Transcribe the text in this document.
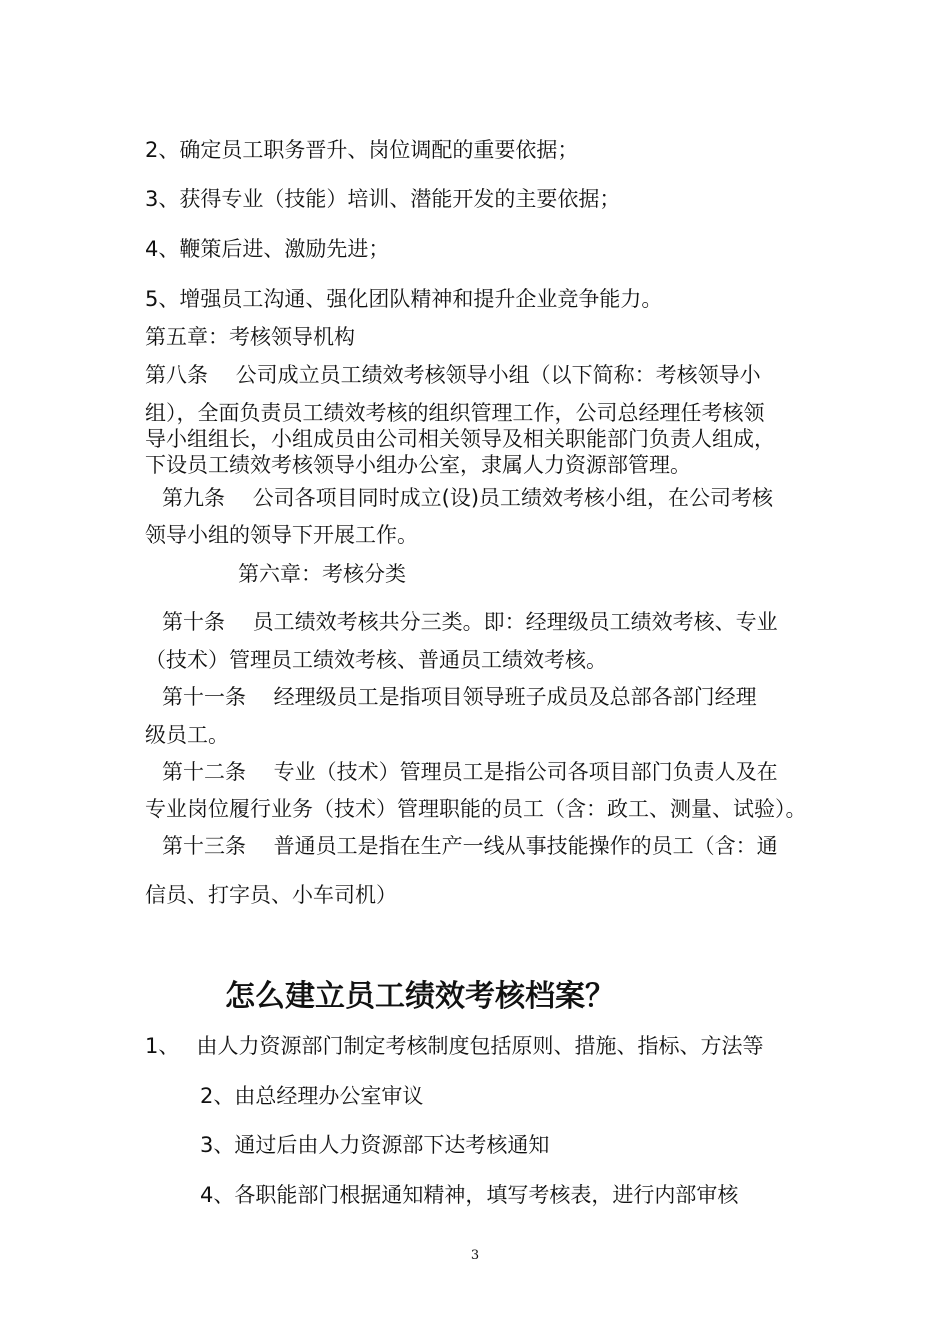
2、确定员工职务晋升、岗位调配的重要依据；
3、获得专业（技能）培训、潜能开发的主要依据；
4、鞭策后进、激励先进；
5、增强员工沟通、强化团队精神和提升企业竞争能力。
第五章：考核领导机构
第八条　 公司成立员工绩效考核领导小组（以下简称：考核领导小
组），全面负责员工绩效考核的组织管理工作，公司总经理任考核领
导小组组长，小组成员由公司相关领导及相关职能部门负责人组成，
下设员工绩效考核领导小组办公室，隶属人力资源部管理。
第九条　 公司各项目同时成立(设)员工绩效考核小组，在公司考核
领导小组的领导下开展工作。
第六章：考核分类
第十条　 员工绩效考核共分三类。即：经理级员工绩效考核、专业
（技术）管理员工绩效考核、普通员工绩效考核。
第十一条　 经理级员工是指项目领导班子成员及总部各部门经理
级员工。
第十二条　 专业（技术）管理员工是指公司各项目部门负责人及在
专业岗位履行业务（技术）管理职能的员工（含：政工、测量、试验）。
第十三条　 普通员工是指在生产一线从事技能操作的员工（含：通
信员、打字员、小车司机）
怎么建立员工绩效考核档案？
1、　 由人力资源部门制定考核制度包括原则、措施、指标、方法等
2、由总经理办公室审议
3、通过后由人力资源部下达考核通知
4、各职能部门根据通知精神，填写考核表，进行内部审核
3
